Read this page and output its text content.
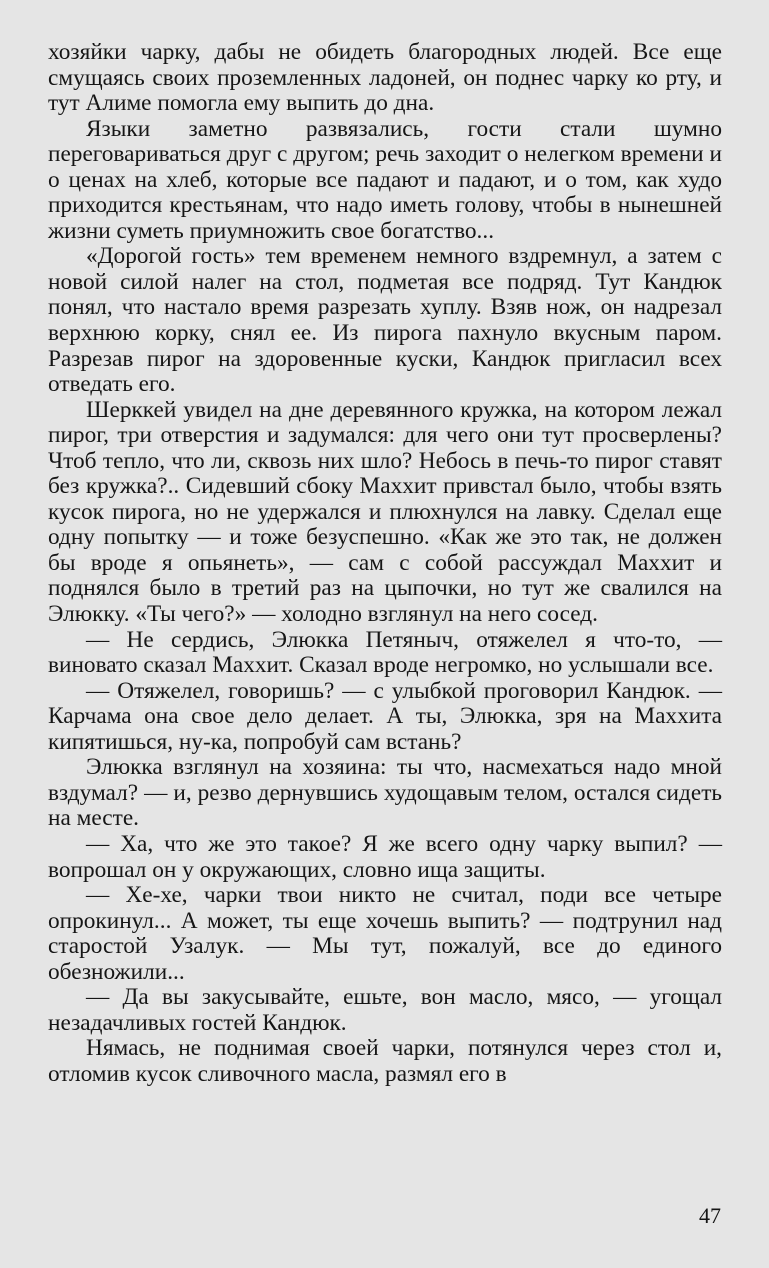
хозяйки чарку, дабы не обидеть благородных людей. Все еще смущаясь своих проземленных ладоней, он поднес чарку ко рту, и тут Алиме помогла ему выпить до дна.

Языки заметно развязались, гости стали шумно переговариваться друг с другом; речь заходит о нелегком времени и о ценах на хлеб, которые все падают и падают, и о том, как худо приходится крестьянам, что надо иметь голову, чтобы в нынешней жизни суметь приумножить свое богатство...

«Дорогой гость» тем временем немного вздремнул, а затем с новой силой налег на стол, подметая все подряд. Тут Кандюк понял, что настало время разрезать хуплу. Взяв нож, он надрезал верхнюю корку, снял ее. Из пирога пахнуло вкусным паром. Разрезав пирог на здоровенные куски, Кандюк пригласил всех отведать его.

Шерккей увидел на дне деревянного кружка, на котором лежал пирог, три отверстия и задумался: для чего они тут просверлены? Чтоб тепло, что ли, сквозь них шло? Небось в печь-то пирог ставят без кружка?.. Сидевший сбоку Маххит привстал было, чтобы взять кусок пирога, но не удержался и плюхнулся на лавку. Сделал еще одну попытку — и тоже безуспешно. «Как же это так, не должен бы вроде я опьянеть», — сам с собой рассуждал Маххит и поднялся было в третий раз на цыпочки, но тут же свалился на Элюкку. «Ты чего?» — холодно взглянул на него сосед.

— Не сердись, Элюкка Петяныч, отяжелел я что-то, — виновато сказал Маххит. Сказал вроде негромко, но услышали все.

— Отяжелел, говоришь? — с улыбкой проговорил Кандюк. — Карчама она свое дело делает. А ты, Элюкка, зря на Маххита кипятишься, ну-ка, попробуй сам встань?

Элюкка взглянул на хозяина: ты что, насмехаться надо мной вздумал? — и, резво дернувшись худощавым телом, остался сидеть на месте.

— Ха, что же это такое? Я же всего одну чарку выпил? — вопрошал он у окружающих, словно ища защиты.

— Хе-хе, чарки твои никто не считал, поди все четыре опрокинул... А может, ты еще хочешь выпить? — подтрунил над старостой Узалук. — Мы тут, пожалуй, все до единого обезножили...

— Да вы закусывайте, ешьте, вон масло, мясо, — угощал незадачливых гостей Кандюк.

Нямась, не поднимая своей чарки, потянулся через стол и, отломив кусок сливочного масла, размял его в

47
